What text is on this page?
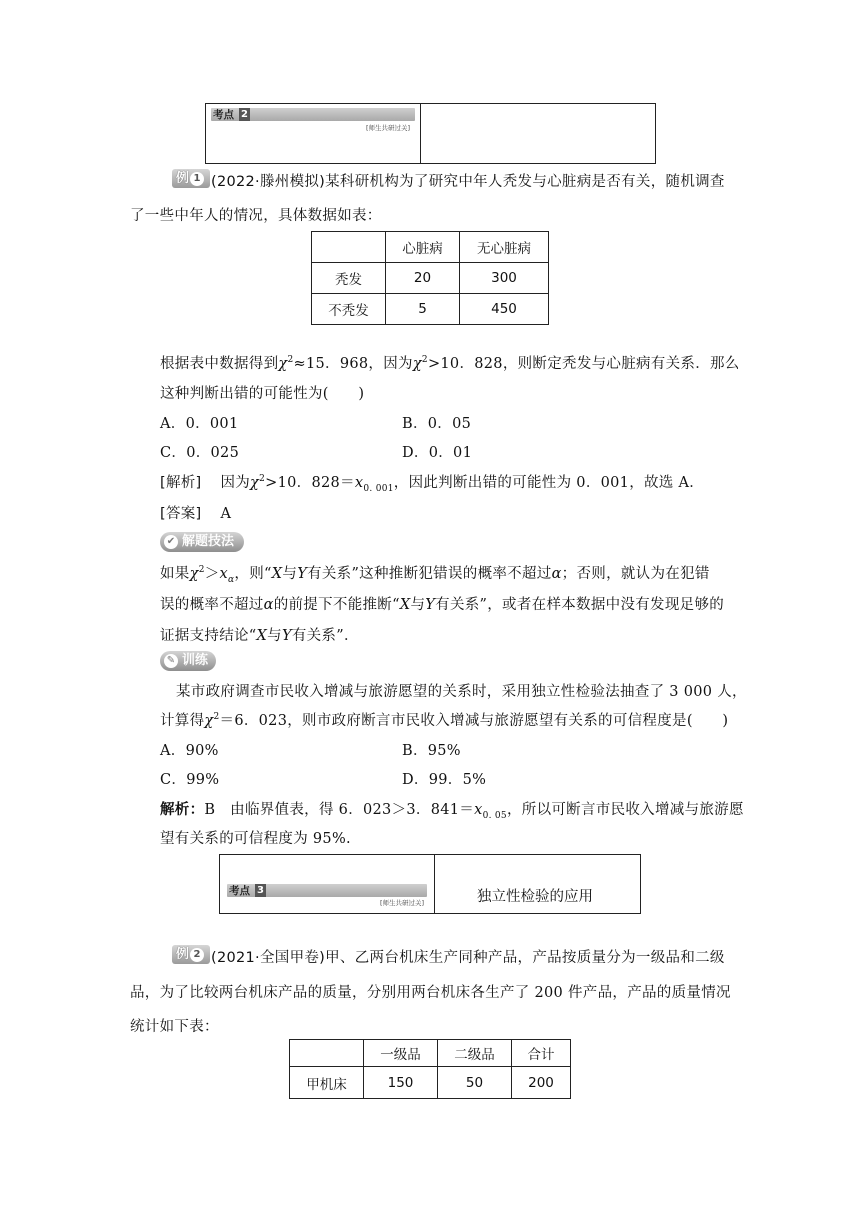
考点 2
[师生共研过关]
例 1 (2022·滕州模拟)某科研机构为了研究中年人秃发与心脏病是否有关，随机调查
了一些中年人的情况，具体数据如表：
	心脏病	无心脏病
秃发	20	300
不秃发	5	450
根据表中数据得到$\chi^2\approx 15$．968，因为$\chi^2>10$．828，则断定秃发与心脏病有关系．那么
这种判断出错的可能性为(　　)
A．0．001	B．0．05
C．0．025	D．0．01
[解析] 因为$\chi^2>10$．$828=x_{0. 001}$，因此判断出错的可能性为 0．001，故选 A．
[答案] A
✔ 解题技法
如果$\chi^2>x_\alpha$，则“X与Y有关系”这种推断犯错误的概率不超过α；否则，就认为在犯错
误的概率不超过α的前提下不能推断“X与Y有关系”，或者在样本数据中没有发现足够的
证据支持结论“X与Y有关系”．
✎ 训练
某市政府调查市民收入增减与旅游愿望的关系时，采用独立性检验法抽查了 3 000 人，
计算得$\chi^2=6$．023，则市政府断言市民收入增减与旅游愿望有关系的可信程度是(　　)
A．90%	B．95%
C．99%	D．99．5%
解析：B　由临界值表，得 6．023＞3．$841=x_{0. 05}$，所以可断言市民收入增减与旅游愿
望有关系的可信程度为 95%.
考点 3
[师生共研过关]	独立性检验的应用
例 2 (2021·全国甲卷)甲、乙两台机床生产同种产品，产品按质量分为一级品和二级
品，为了比较两台机床产品的质量，分别用两台机床各生产了 200 件产品，产品的质量情况
统计如下表：
	一级品	二级品	合计
甲机床	150	50	200
